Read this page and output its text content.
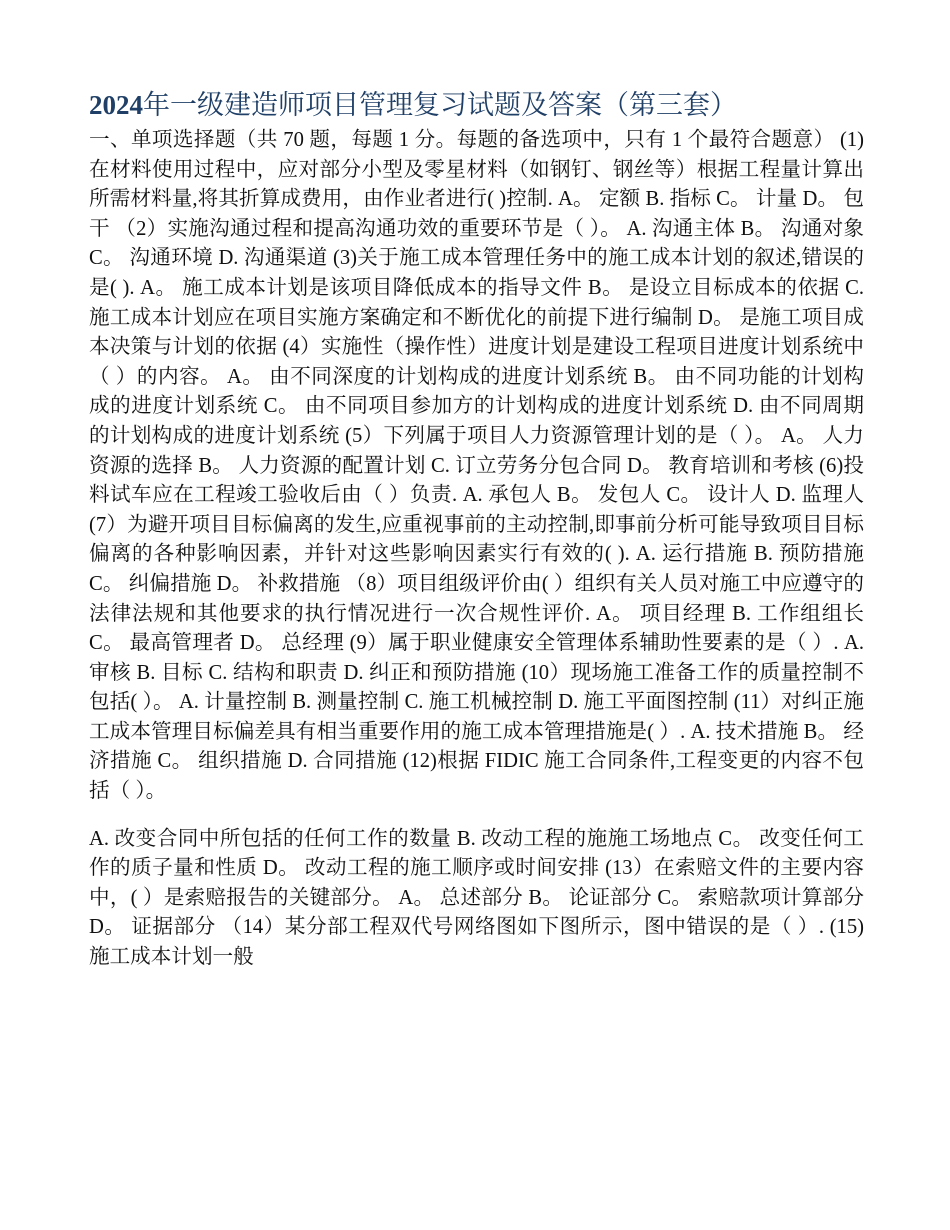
2024年一级建造师项目管理复习试题及答案（第三套）

一、单项选择题（共 70 题，每题 1 分。每题的备选项中，只有 1 个最符合题意） (1)在材料使用过程中，应对部分小型及零星材料（如钢钉、钢丝等）根据工程量计算出所需材料量,将其折算成费用，由作业者进行( )控制. A。 定额 B. 指标 C。 计量 D。 包干 （2）实施沟通过程和提高沟通功效的重要环节是（ ）。 A. 沟通主体 B。 沟通对象 C。 沟通环境 D. 沟通渠道 (3)关于施工成本管理任务中的施工成本计划的叙述,错误的是( ). A。 施工成本计划是该项目降低成本的指导文件 B。 是设立目标成本的依据 C. 施工成本计划应在项目实施方案确定和不断优化的前提下进行编制 D。 是施工项目成本决策与计划的依据 (4）实施性（操作性）进度计划是建设工程项目进度计划系统中（ ）的内容。 A。 由不同深度的计划构成的进度计划系统 B。 由不同功能的计划构成的进度计划系统 C。 由不同项目参加方的计划构成的进度计划系统 D. 由不同周期的计划构成的进度计划系统 (5）下列属于项目人力资源管理计划的是（ ）。 A。 人力资源的选择 B。 人力资源的配置计划 C. 订立劳务分包合同 D。 教育培训和考核 (6)投料试车应在工程竣工验收后由（ ）负责. A. 承包人 B。 发包人 C。 设计人 D. 监理人 (7）为避开项目目标偏离的发生,应重视事前的主动控制,即事前分析可能导致项目目标偏离的各种影响因素，并针对这些影响因素实行有效的( ). A. 运行措施 B. 预防措施 C。 纠偏措施 D。 补救措施 （8）项目组级评价由( ）组织有关人员对施工中应遵守的法律法规和其他要求的执行情况进行一次合规性评价. A。 项目经理 B. 工作组组长 C。 最高管理者 D。 总经理 (9）属于职业健康安全管理体系辅助性要素的是（ ）. A. 审核 B. 目标 C. 结构和职责 D. 纠正和预防措施 (10）现场施工准备工作的质量控制不包括( ）。 A. 计量控制 B. 测量控制 C. 施工机械控制 D. 施工平面图控制 (11）对纠正施工成本管理目标偏差具有相当重要作用的施工成本管理措施是( ）. A. 技术措施 B。 经济措施 C。 组织措施 D. 合同措施 (12)根据 FIDIC 施工合同条件,工程变更的内容不包括（ ）。

A. 改变合同中所包括的任何工作的数量 B. 改动工程的施施工场地点 C。 改变任何工作的质子量和性质 D。 改动工程的施工顺序或时间安排 (13）在索赔文件的主要内容中，( ）是索赔报告的关键部分。 A。 总述部分 B。 论证部分 C。 索赔款项计算部分 D。 证据部分 （14）某分部工程双代号网络图如下图所示，图中错误的是（ ）. (15)施工成本计划一般
